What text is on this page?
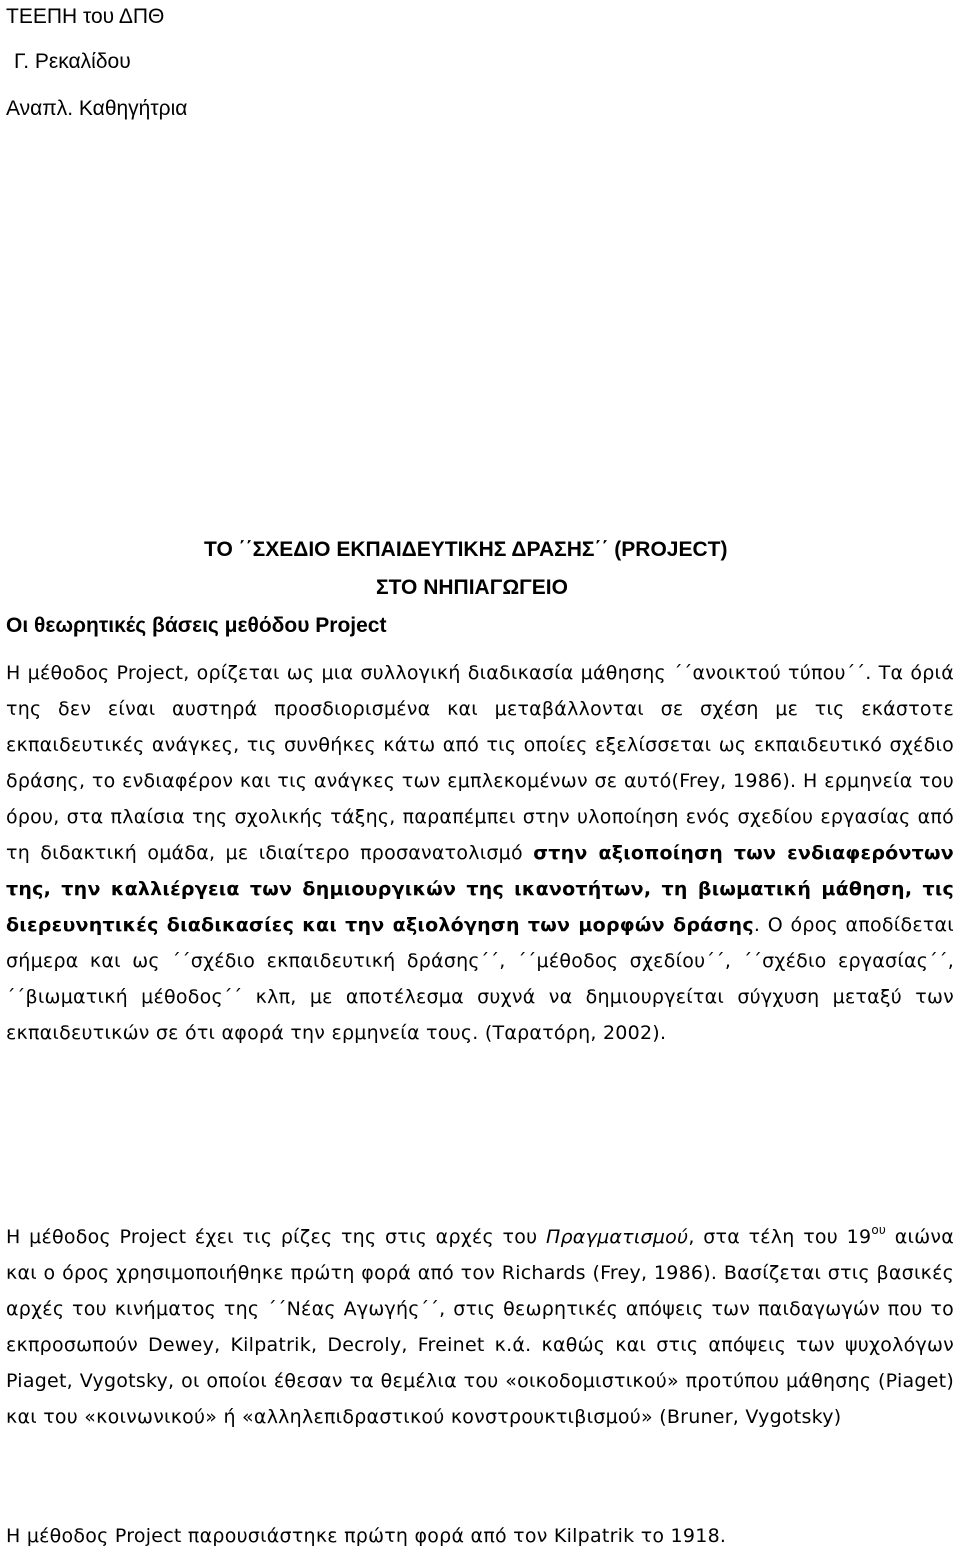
ΤΕΕΠΗ του ΔΠΘ
Γ. Ρεκαλίδου
Αναπλ. Καθηγήτρια
ΤΟ ΄΄ΣΧΕΔΙΟ ΕΚΠΑΙΔΕΥΤΙΚΗΣ ΔΡΑΣΗΣ΄΄ (PROJECT)
ΣΤΟ ΝΗΠΙΑΓΩΓΕΙΟ
Οι θεωρητικές βάσεις μεθόδου Project
Η μέθοδος Project, ορίζεται ως μια συλλογική διαδικασία μάθησης ΄΄ανοικτού τύπου΄΄. Τα όριά της δεν είναι αυστηρά προσδιορισμένα και μεταβάλλονται σε σχέση με τις εκάστοτε εκπαιδευτικές ανάγκες, τις συνθήκες κάτω από τις οποίες εξελίσσεται ως εκπαιδευτικό σχέδιο δράσης, το ενδιαφέρον και τις ανάγκες των εμπλεκομένων σε αυτό(Frey, 1986). Η ερμηνεία του όρου, στα πλαίσια της σχολικής τάξης, παραπέμπει στην υλοποίηση ενός σχεδίου εργασίας από τη διδακτική ομάδα, με ιδιαίτερο προσανατολισμό στην αξιοποίηση των ενδιαφερόντων της, την καλλιέργεια των δημιουργικών της ικανοτήτων, τη βιωματική μάθηση, τις διερευνητικές διαδικασίες και την αξιολόγηση των μορφών δράσης. Ο όρος αποδίδεται σήμερα και ως ΄΄σχέδιο εκπαιδευτική δράσης΄΄, ΄΄μέθοδος σχεδίου΄΄, ΄΄σχέδιο εργασίας΄΄, ΄΄βιωματική μέθοδος΄΄ κλπ, με αποτέλεσμα συχνά να δημιουργείται σύγχυση μεταξύ των εκπαιδευτικών σε ότι αφορά την ερμηνεία τους. (Ταρατόρη, 2002).
Η μέθοδος Project έχει τις ρίζες της στις αρχές του Πραγματισμού, στα τέλη του $19^{o\upsilon}$ αιώνα και ο όρος χρησιμοποιήθηκε πρώτη φορά από τον Richards (Frey, 1986). Βασίζεται στις βασικές αρχές του κινήματος της ΄΄Νέας Αγωγής΄΄, στις θεωρητικές απόψεις των παιδαγωγών που το εκπροσωπούν Dewey, Kilpatrik, Decroly, Freinet κ.ά. καθώς και στις απόψεις των ψυχολόγων Piaget, Vygotsky, οι οποίοι έθεσαν τα θεμέλια του «οικοδομιστικού» προτύπου μάθησης (Piaget) και του «κοινωνικού» ή «αλληλεπιδραστικού κονστρουκτιβισμού» (Bruner, Vygotsky)
Η μέθοδος Project παρουσιάστηκε πρώτη φορά από τον Kilpatrik το 1918.
